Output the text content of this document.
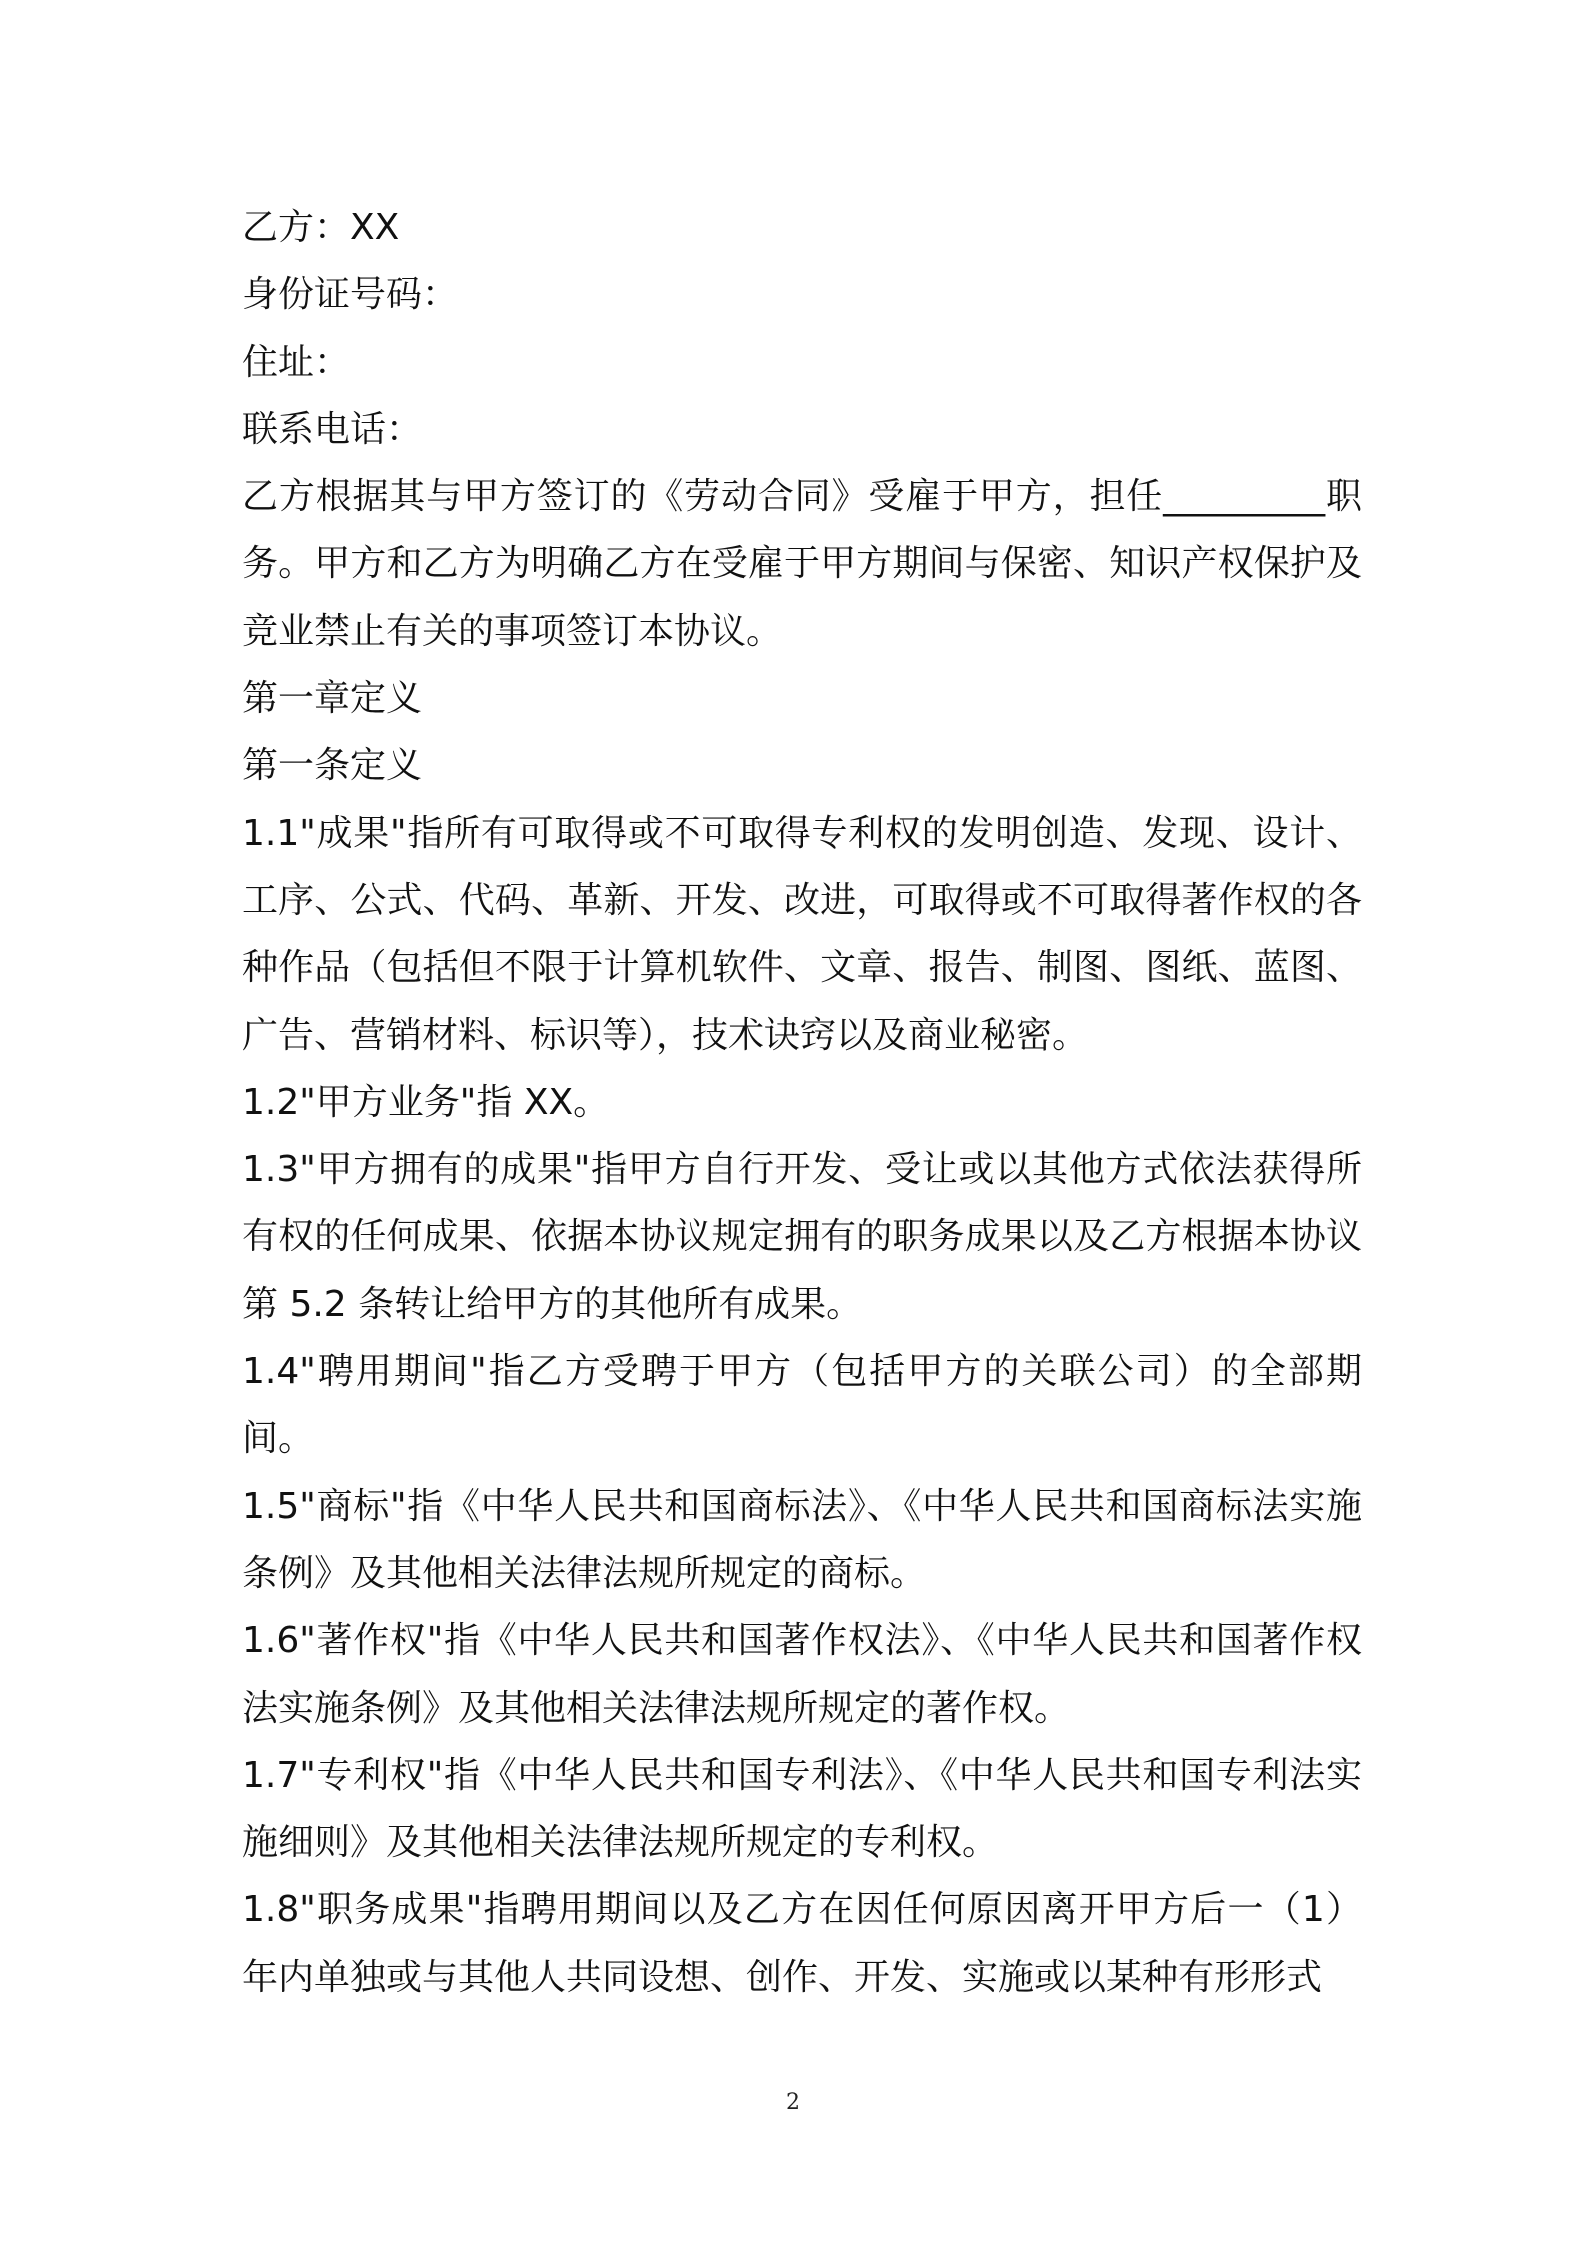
乙方：XX

身份证号码：

住址：

联系电话：

乙方根据其与甲方签订的《劳动合同》受雇于甲方，担任_________职务。甲方和乙方为明确乙方在受雇于甲方期间与保密、知识产权保护及竞业禁止有关的事项签订本协议。

第一章定义

第一条定义

1.1"成果"指所有可取得或不可取得专利权的发明创造、发现、设计、工序、公式、代码、革新、开发、改进，可取得或不可取得著作权的各种作品（包括但不限于计算机软件、文章、报告、制图、图纸、蓝图、广告、营销材料、标识等），技术诀窍以及商业秘密。

1.2"甲方业务"指 XX。

1.3"甲方拥有的成果"指甲方自行开发、受让或以其他方式依法获得所有权的任何成果、依据本协议规定拥有的职务成果以及乙方根据本协议第 5.2 条转让给甲方的其他所有成果。

1.4"聘用期间"指乙方受聘于甲方（包括甲方的关联公司）的全部期间。

1.5"商标"指《中华人民共和国商标法》、《中华人民共和国商标法实施条例》及其他相关法律法规所规定的商标。

1.6"著作权"指《中华人民共和国著作权法》、《中华人民共和国著作权法实施条例》及其他相关法律法规所规定的著作权。

1.7"专利权"指《中华人民共和国专利法》、《中华人民共和国专利法实施细则》及其他相关法律法规所规定的专利权。

1.8"职务成果"指聘用期间以及乙方在因任何原因离开甲方后一（1）年内单独或与其他人共同设想、创作、开发、实施或以某种有形形式

2
